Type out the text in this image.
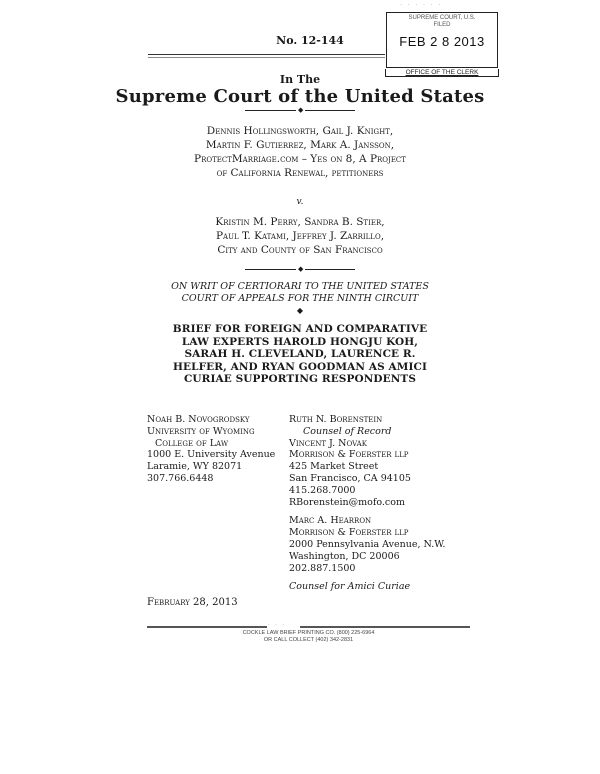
No. 12-144
· · · · · ·
SUPREME COURT, U.S.
FILED
FEB 2 8 2013
OFFICE OF THE CLERK
In The
Supreme Court of the United States
◆
Dennis Hollingsworth, Gail J. Knight,
Martin F. Gutierrez, Mark A. Jansson,
ProtectMarriage.com – Yes on 8, A Project
of California Renewal, petitioners
v.
Kristin M. Perry, Sandra B. Stier,
Paul T. Katami, Jeffrey J. Zarrillo,
City and County of San Francisco
◆
ON WRIT OF CERTIORARI TO THE UNITED STATES
COURT OF APPEALS FOR THE NINTH CIRCUIT
◆
BRIEF FOR FOREIGN AND COMPARATIVE
LAW EXPERTS HAROLD HONGJU KOH,
SARAH H. CLEVELAND, LAURENCE R.
HELFER, AND RYAN GOODMAN AS AMICI
CURIAE SUPPORTING RESPONDENTS
Noah B. Novogrodsky
University of Wyoming
College of Law
1000 E. University Avenue
Laramie, WY 82071
307.766.6448
Ruth N. Borenstein
Counsel of Record
Vincent J. Novak
Morrison & Foerster llp
425 Market Street
San Francisco, CA 94105
415.268.7000
RBorenstein@mofo.com
Marc A. Hearron
Morrison & Foerster llp
2000 Pennsylvania Avenue, N.W.
Washington, DC 20006
202.887.1500
Counsel for Amici Curiae
February 28, 2013
· · ·
COCKLE LAW BRIEF PRINTING CO. (800) 225-6964
OR CALL COLLECT (402) 342-2831
